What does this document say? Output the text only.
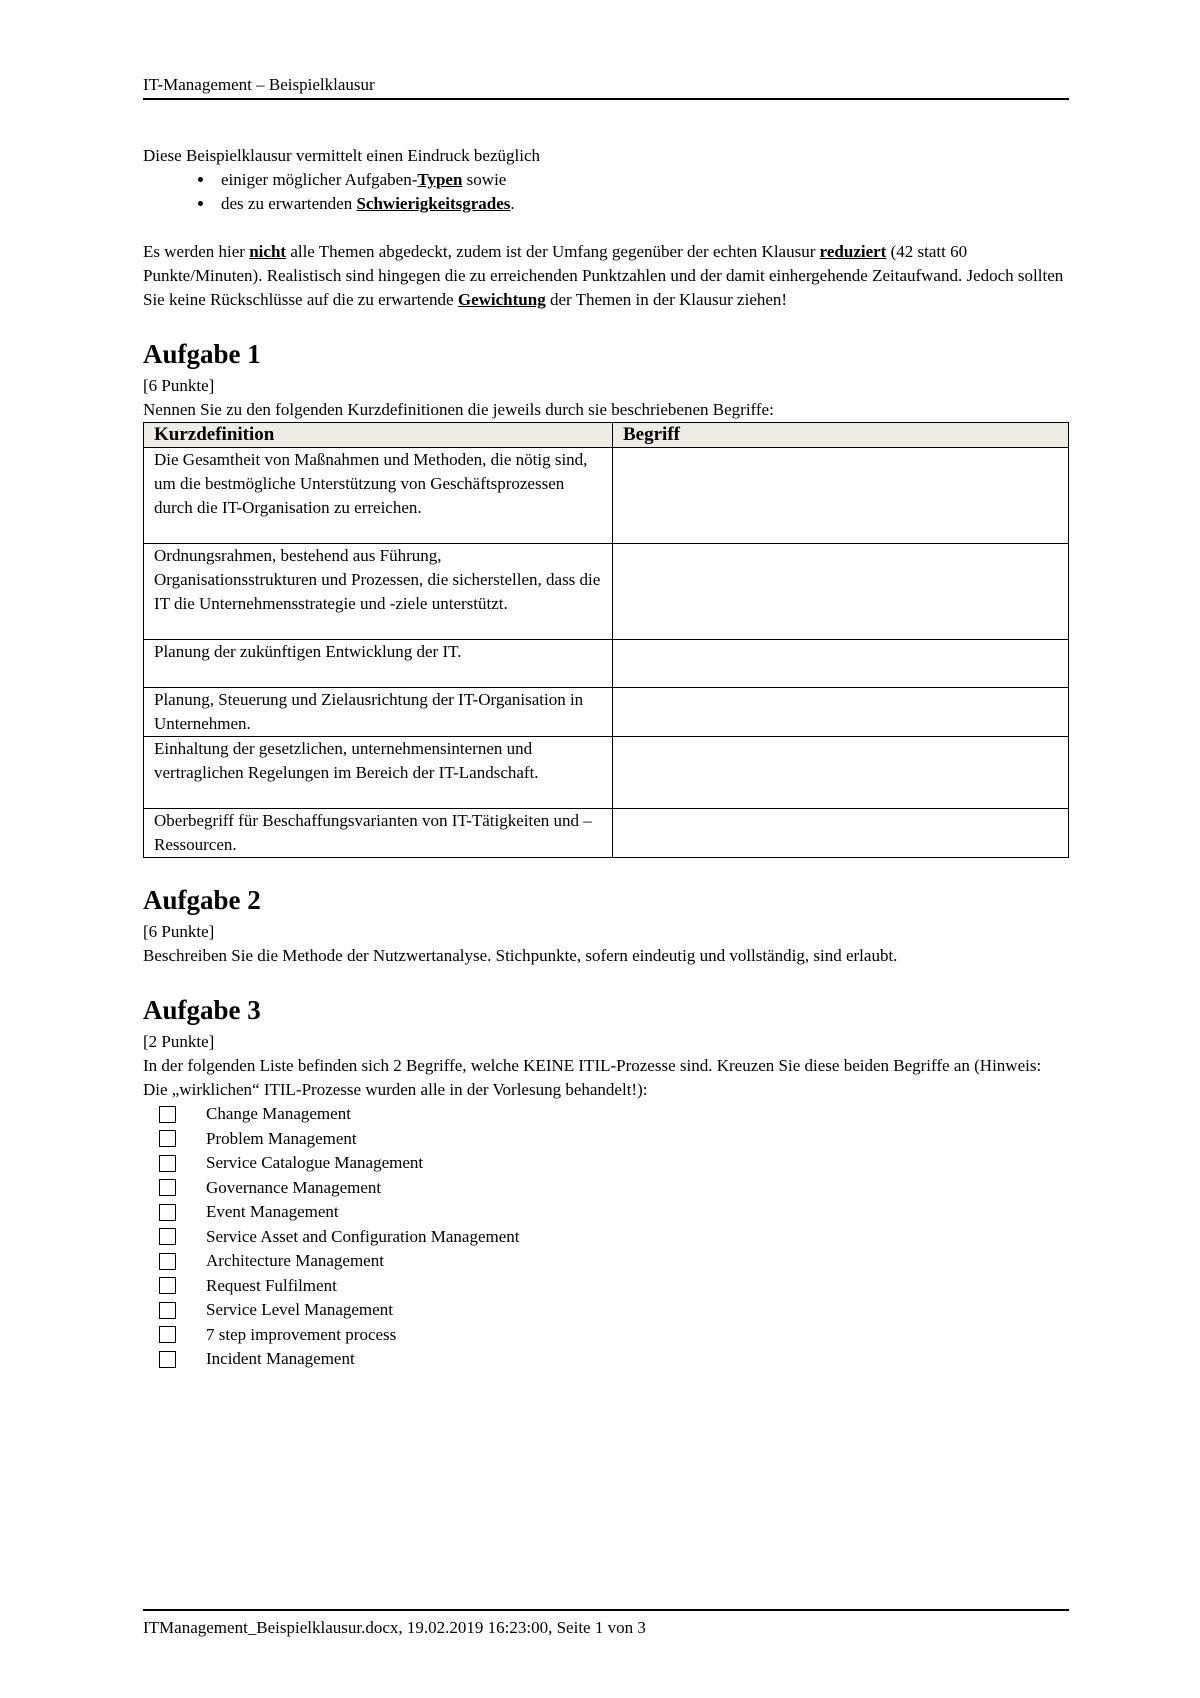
IT-Management – Beispielklausur

Diese Beispielklausur vermittelt einen Eindruck bezüglich

• einiger möglicher Aufgaben-Typen sowie
• des zu erwartenden Schwierigkeitsgrades.

Es werden hier nicht alle Themen abgedeckt, zudem ist der Umfang gegenüber der echten Klausur reduziert (42 statt 60 Punkte/Minuten). Realistisch sind hingegen die zu erreichenden Punktzahlen und der damit einhergehende Zeitaufwand. Jedoch sollten Sie keine Rückschlüsse auf die zu erwartende Gewichtung der Themen in der Klausur ziehen!

Aufgabe 1

[6 Punkte]

Nennen Sie zu den folgenden Kurzdefinitionen die jeweils durch sie beschriebenen Begriffe:

Kurzdefinition	Begriff
Die Gesamtheit von Maßnahmen und Methoden, die nötig sind, um die bestmögliche Unterstützung von Geschäftsprozessen durch die IT-Organisation zu erreichen.	
Ordnungsrahmen, bestehend aus Führung, Organisationsstrukturen und Prozessen, die sicherstellen, dass die IT die Unternehmensstrategie und -ziele unterstützt.	
Planung der zukünftigen Entwicklung der IT.	
Planung, Steuerung und Zielausrichtung der IT-Organisation in Unternehmen.	
Einhaltung der gesetzlichen, unternehmensinternen und vertraglichen Regelungen im Bereich der IT-Landschaft.	
Oberbegriff für Beschaffungsvarianten von IT-Tätigkeiten und –Ressourcen.	
Aufgabe 2

[6 Punkte]

Beschreiben Sie die Methode der Nutzwertanalyse. Stichpunkte, sofern eindeutig und vollständig, sind erlaubt.

Aufgabe 3

[2 Punkte]

In der folgenden Liste befinden sich 2 Begriffe, welche KEINE ITIL-Prozesse sind. Kreuzen Sie diese beiden Begriffe an (Hinweis: Die „wirklichen“ ITIL-Prozesse wurden alle in der Vorlesung behandelt!):

Change Management
Problem Management
Service Catalogue Management
Governance Management
Event Management
Service Asset and Configuration Management
Architecture Management
Request Fulfilment
Service Level Management
7 step improvement process
Incident Management
ITManagement_Beispielklausur.docx, 19.02.2019 16:23:00, Seite 1 von 3
